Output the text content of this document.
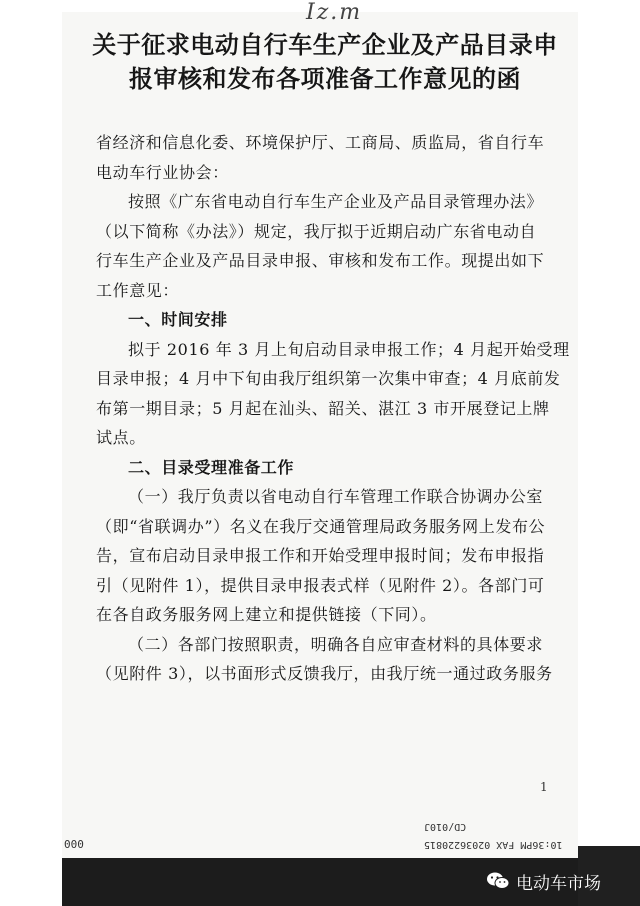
Iz.m
关于征求电动自行车生产企业及产品目录申
报审核和发布各项准备工作意见的函
省经济和信息化委、环境保护厅、工商局、质监局，省自行车
电动车行业协会：
按照《广东省电动自行车生产企业及产品目录管理办法》
（以下简称《办法》）规定，我厅拟于近期启动广东省电动自
行车生产企业及产品目录申报、审核和发布工作。现提出如下
工作意见：
一、时间安排
拟于 2016 年 3 月上旬启动目录申报工作；4 月起开始受理
目录申报；4 月中下旬由我厅组织第一次集中审查；4 月底前发
布第一期目录；5 月起在汕头、韶关、湛江 3 市开展登记上牌
试点。
二、目录受理准备工作
（一）我厅负责以省电动自行车管理工作联合协调办公室
（即“省联调办”）名义在我厅交通管理局政务服务网上发布公
告，宣布启动目录申报工作和开始受理申报时间；发布申报指
引（见附件 1），提供目录申报表式样（见附件 2）。各部门可
在各自政务服务网上建立和提供链接（下同）。
（二）各部门按照职责，明确各自应审查材料的具体要求
（见附件 3），以书面形式反馈我厅，由我厅统一通过政务服务
1
10:36PM FAX 02036220815
CD/010J
000
电动车市场
